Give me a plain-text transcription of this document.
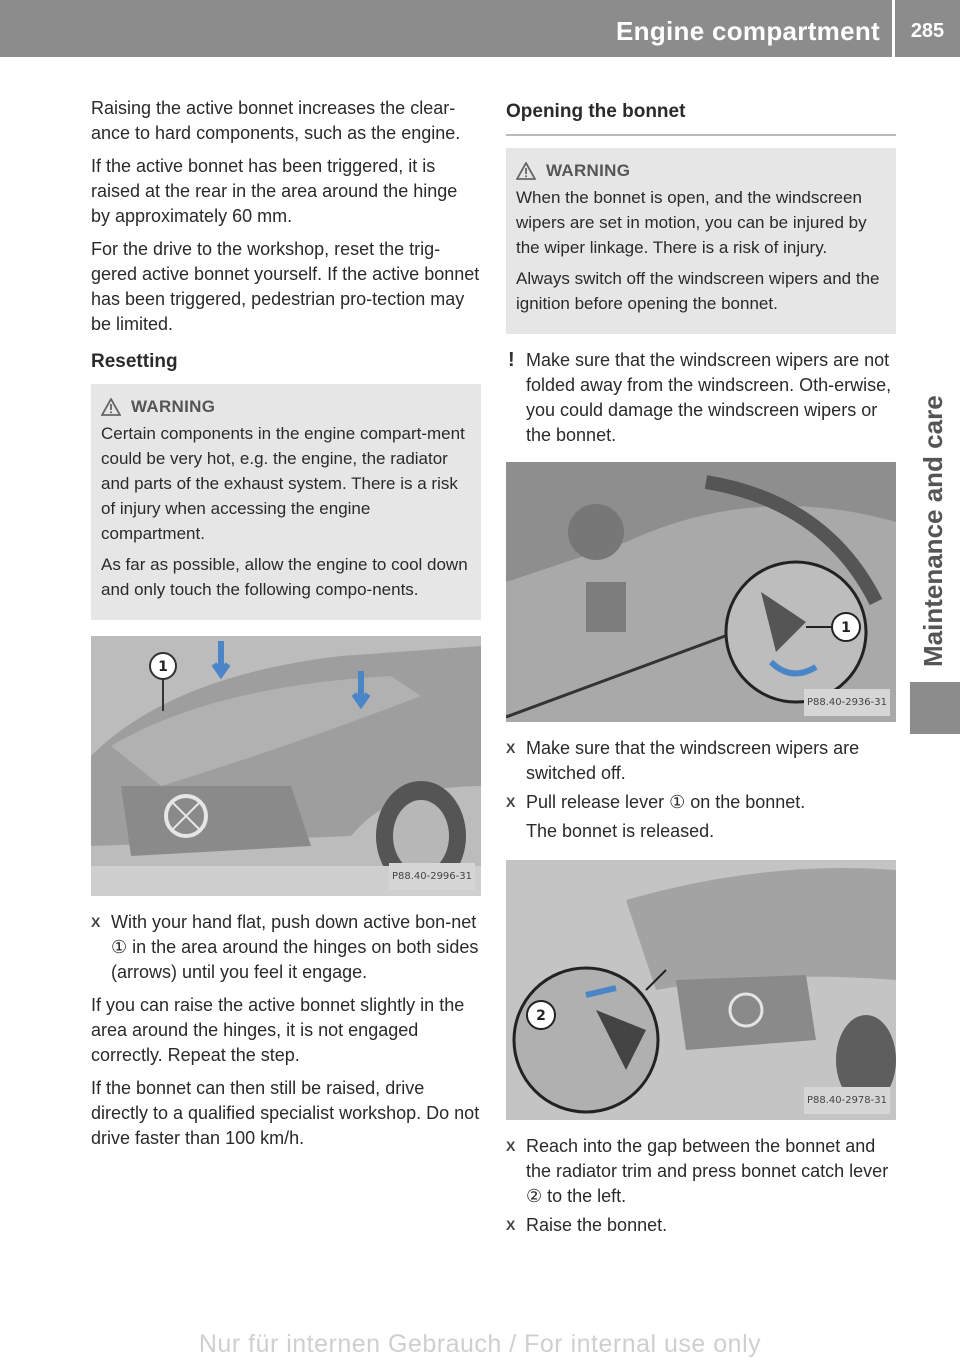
Engine compartment	285
Maintenance and care

Raising the active bonnet increases the clear-ance to hard components, such as the engine.

If the active bonnet has been triggered, it is raised at the rear in the area around the hinge by approximately 60 mm.

For the drive to the workshop, reset the trig-gered active bonnet yourself. If the active bonnet has been triggered, pedestrian pro-tection may be limited.

Resetting
WARNING

Certain components in the engine compart-ment could be very hot, e.g. the engine, the radiator and parts of the exhaust system. There is a risk of injury when accessing the engine compartment.

As far as possible, allow the engine to cool down and only touch the following compo-nents.

1
P88.40-2996-31
X With your hand flat, push down active bon-net ① in the area around the hinges on both sides (arrows) until you feel it engage.

If you can raise the active bonnet slightly in the area around the hinges, it is not engaged correctly. Repeat the step.

If the bonnet can then still be raised, drive directly to a qualified specialist workshop. Do not drive faster than 100 km/h.

Opening the bonnet
WARNING

When the bonnet is open, and the windscreen wipers are set in motion, you can be injured by the wiper linkage. There is a risk of injury.

Always switch off the windscreen wipers and the ignition before opening the bonnet.

! Make sure that the windscreen wipers are not folded away from the windscreen. Oth-erwise, you could damage the windscreen wipers or the bonnet.
1
P88.40-2936-31
X Make sure that the windscreen wipers are switched off.
X Pull release lever ① on the bonnet.
The bonnet is released.
2
P88.40-2978-31
X Reach into the gap between the bonnet and the radiator trim and press bonnet catch lever ② to the left.
X Raise the bonnet.
Nur für internen Gebrauch / For internal use only
